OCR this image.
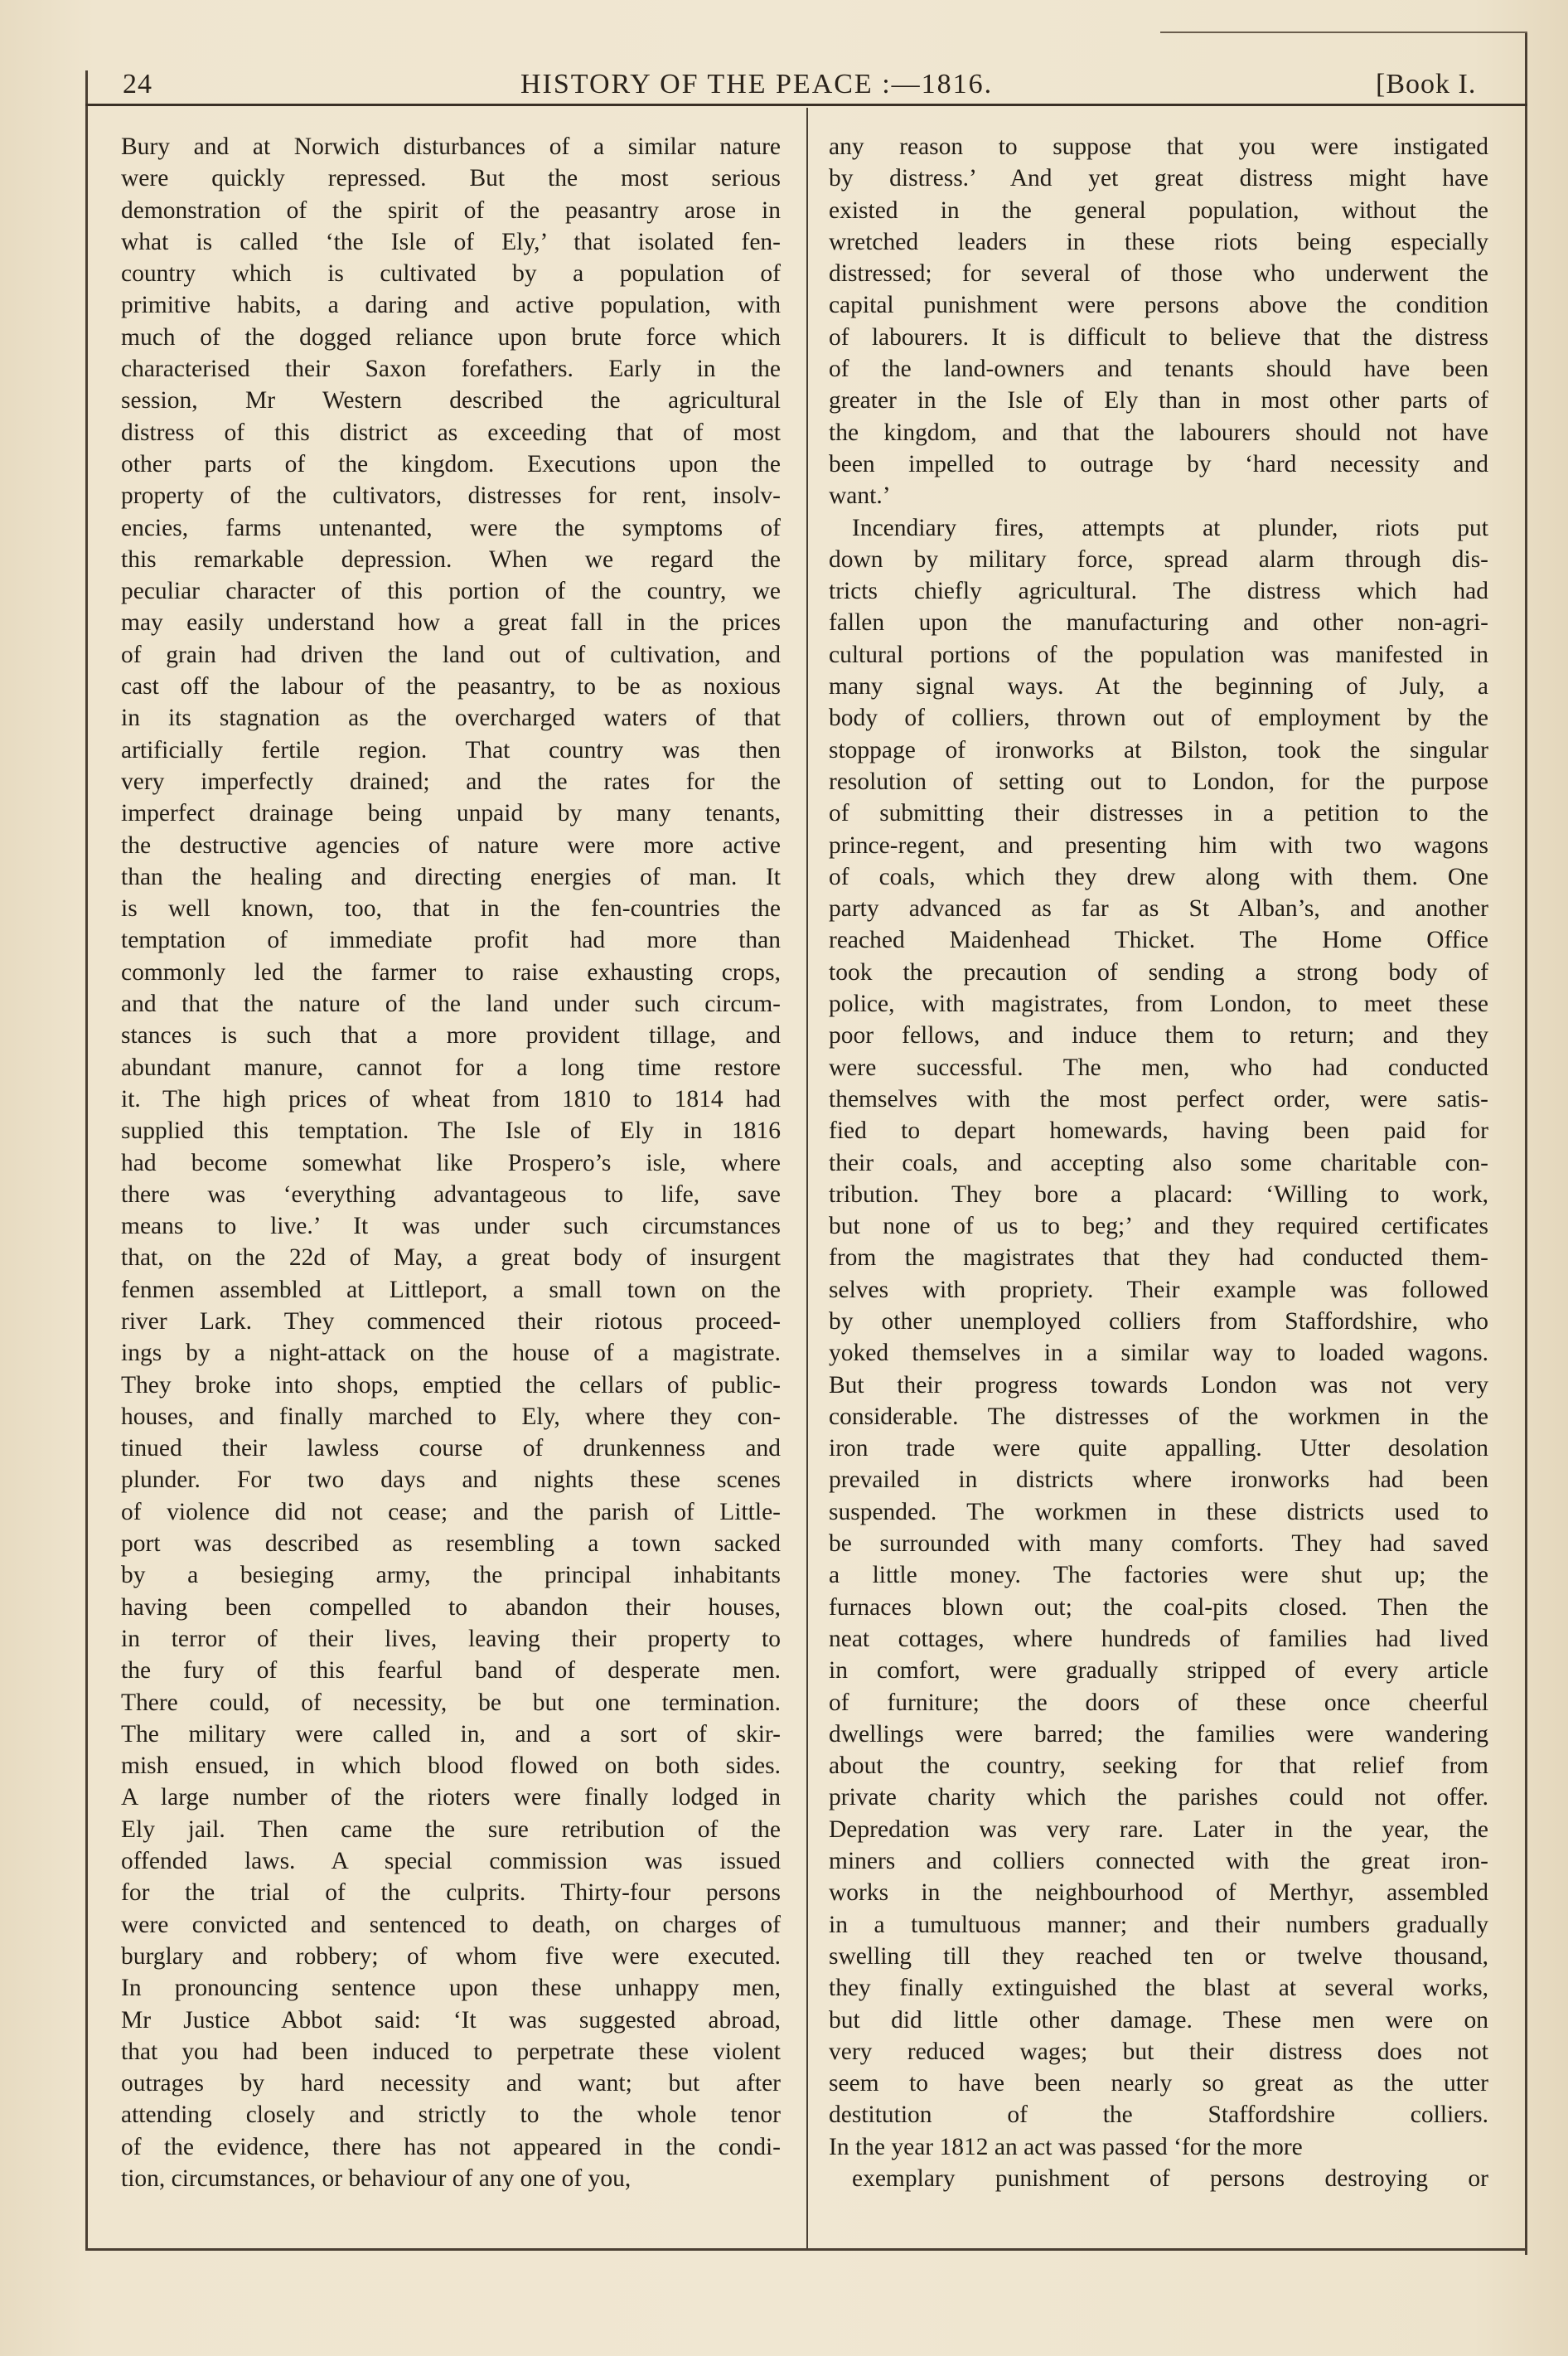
24	HISTORY OF THE PEACE :—1816.	[Book I.
Bury and at Norwich disturbances of a similar nature
were quickly repressed. But the most serious
demonstration of the spirit of the peasantry arose in
what is called ‘the Isle of Ely,’ that isolated fen-
country which is cultivated by a population of
primitive habits, a daring and active population, with
much of the dogged reliance upon brute force which
characterised their Saxon forefathers. Early in the
session, Mr Western described the agricultural
distress of this district as exceeding that of most
other parts of the kingdom. Executions upon the
property of the cultivators, distresses for rent, insolv-
encies, farms untenanted, were the symptoms of
this remarkable depression. When we regard the
peculiar character of this portion of the country, we
may easily understand how a great fall in the prices
of grain had driven the land out of cultivation, and
cast off the labour of the peasantry, to be as noxious
in its stagnation as the overcharged waters of that
artificially fertile region. That country was then
very imperfectly drained; and the rates for the
imperfect drainage being unpaid by many tenants,
the destructive agencies of nature were more active
than the healing and directing energies of man. It
is well known, too, that in the fen-countries the
temptation of immediate profit had more than
commonly led the farmer to raise exhausting crops,
and that the nature of the land under such circum-
stances is such that a more provident tillage, and
abundant manure, cannot for a long time restore
it. The high prices of wheat from 1810 to 1814 had
supplied this temptation. The Isle of Ely in 1816
had become somewhat like Prospero’s isle, where
there was ‘everything advantageous to life, save
means to live.’ It was under such circumstances
that, on the 22d of May, a great body of insurgent
fenmen assembled at Littleport, a small town on the
river Lark. They commenced their riotous proceed-
ings by a night-attack on the house of a magistrate.
They broke into shops, emptied the cellars of public-
houses, and finally marched to Ely, where they con-
tinued their lawless course of drunkenness and
plunder. For two days and nights these scenes
of violence did not cease; and the parish of Little-
port was described as resembling a town sacked
by a besieging army, the principal inhabitants
having been compelled to abandon their houses,
in terror of their lives, leaving their property to
the fury of this fearful band of desperate men.
There could, of necessity, be but one termination.
The military were called in, and a sort of skir-
mish ensued, in which blood flowed on both sides.
A large number of the rioters were finally lodged in
Ely jail. Then came the sure retribution of the
offended laws. A special commission was issued
for the trial of the culprits. Thirty-four persons
were convicted and sentenced to death, on charges of
burglary and robbery; of whom five were executed.
In pronouncing sentence upon these unhappy men,
Mr Justice Abbot said: ‘It was suggested abroad,
that you had been induced to perpetrate these violent
outrages by hard necessity and want; but after
attending closely and strictly to the whole tenor
of the evidence, there has not appeared in the condi-
tion, circumstances, or behaviour of any one of you,
any reason to suppose that you were instigated
by distress.’ And yet great distress might have
existed in the general population, without the
wretched leaders in these riots being especially
distressed; for several of those who underwent the
capital punishment were persons above the condition
of labourers. It is difficult to believe that the distress
of the land-owners and tenants should have been
greater in the Isle of Ely than in most other parts of
the kingdom, and that the labourers should not have
been impelled to outrage by ‘hard necessity and
want.’
Incendiary fires, attempts at plunder, riots put
down by military force, spread alarm through dis-
tricts chiefly agricultural. The distress which had
fallen upon the manufacturing and other non-agri-
cultural portions of the population was manifested in
many signal ways. At the beginning of July, a
body of colliers, thrown out of employment by the
stoppage of ironworks at Bilston, took the singular
resolution of setting out to London, for the purpose
of submitting their distresses in a petition to the
prince-regent, and presenting him with two wagons
of coals, which they drew along with them. One
party advanced as far as St Alban’s, and another
reached Maidenhead Thicket. The Home Office
took the precaution of sending a strong body of
police, with magistrates, from London, to meet these
poor fellows, and induce them to return; and they
were successful. The men, who had conducted
themselves with the most perfect order, were satis-
fied to depart homewards, having been paid for
their coals, and accepting also some charitable con-
tribution. They bore a placard: ‘Willing to work,
but none of us to beg;’ and they required certificates
from the magistrates that they had conducted them-
selves with propriety. Their example was followed
by other unemployed colliers from Staffordshire, who
yoked themselves in a similar way to loaded wagons.
But their progress towards London was not very
considerable. The distresses of the workmen in the
iron trade were quite appalling. Utter desolation
prevailed in districts where ironworks had been
suspended. The workmen in these districts used to
be surrounded with many comforts. They had saved
a little money. The factories were shut up; the
furnaces blown out; the coal-pits closed. Then the
neat cottages, where hundreds of families had lived
in comfort, were gradually stripped of every article
of furniture; the doors of these once cheerful
dwellings were barred; the families were wandering
about the country, seeking for that relief from
private charity which the parishes could not offer.
Depredation was very rare. Later in the year, the
miners and colliers connected with the great iron-
works in the neighbourhood of Merthyr, assembled
in a tumultuous manner; and their numbers gradually
swelling till they reached ten or twelve thousand,
they finally extinguished the blast at several works,
but did little other damage. These men were on
very reduced wages; but their distress does not
seem to have been nearly so great as the utter
destitution of the Staffordshire colliers.
In the year 1812 an act was passed ‘for the more
exemplary punishment of persons destroying or
